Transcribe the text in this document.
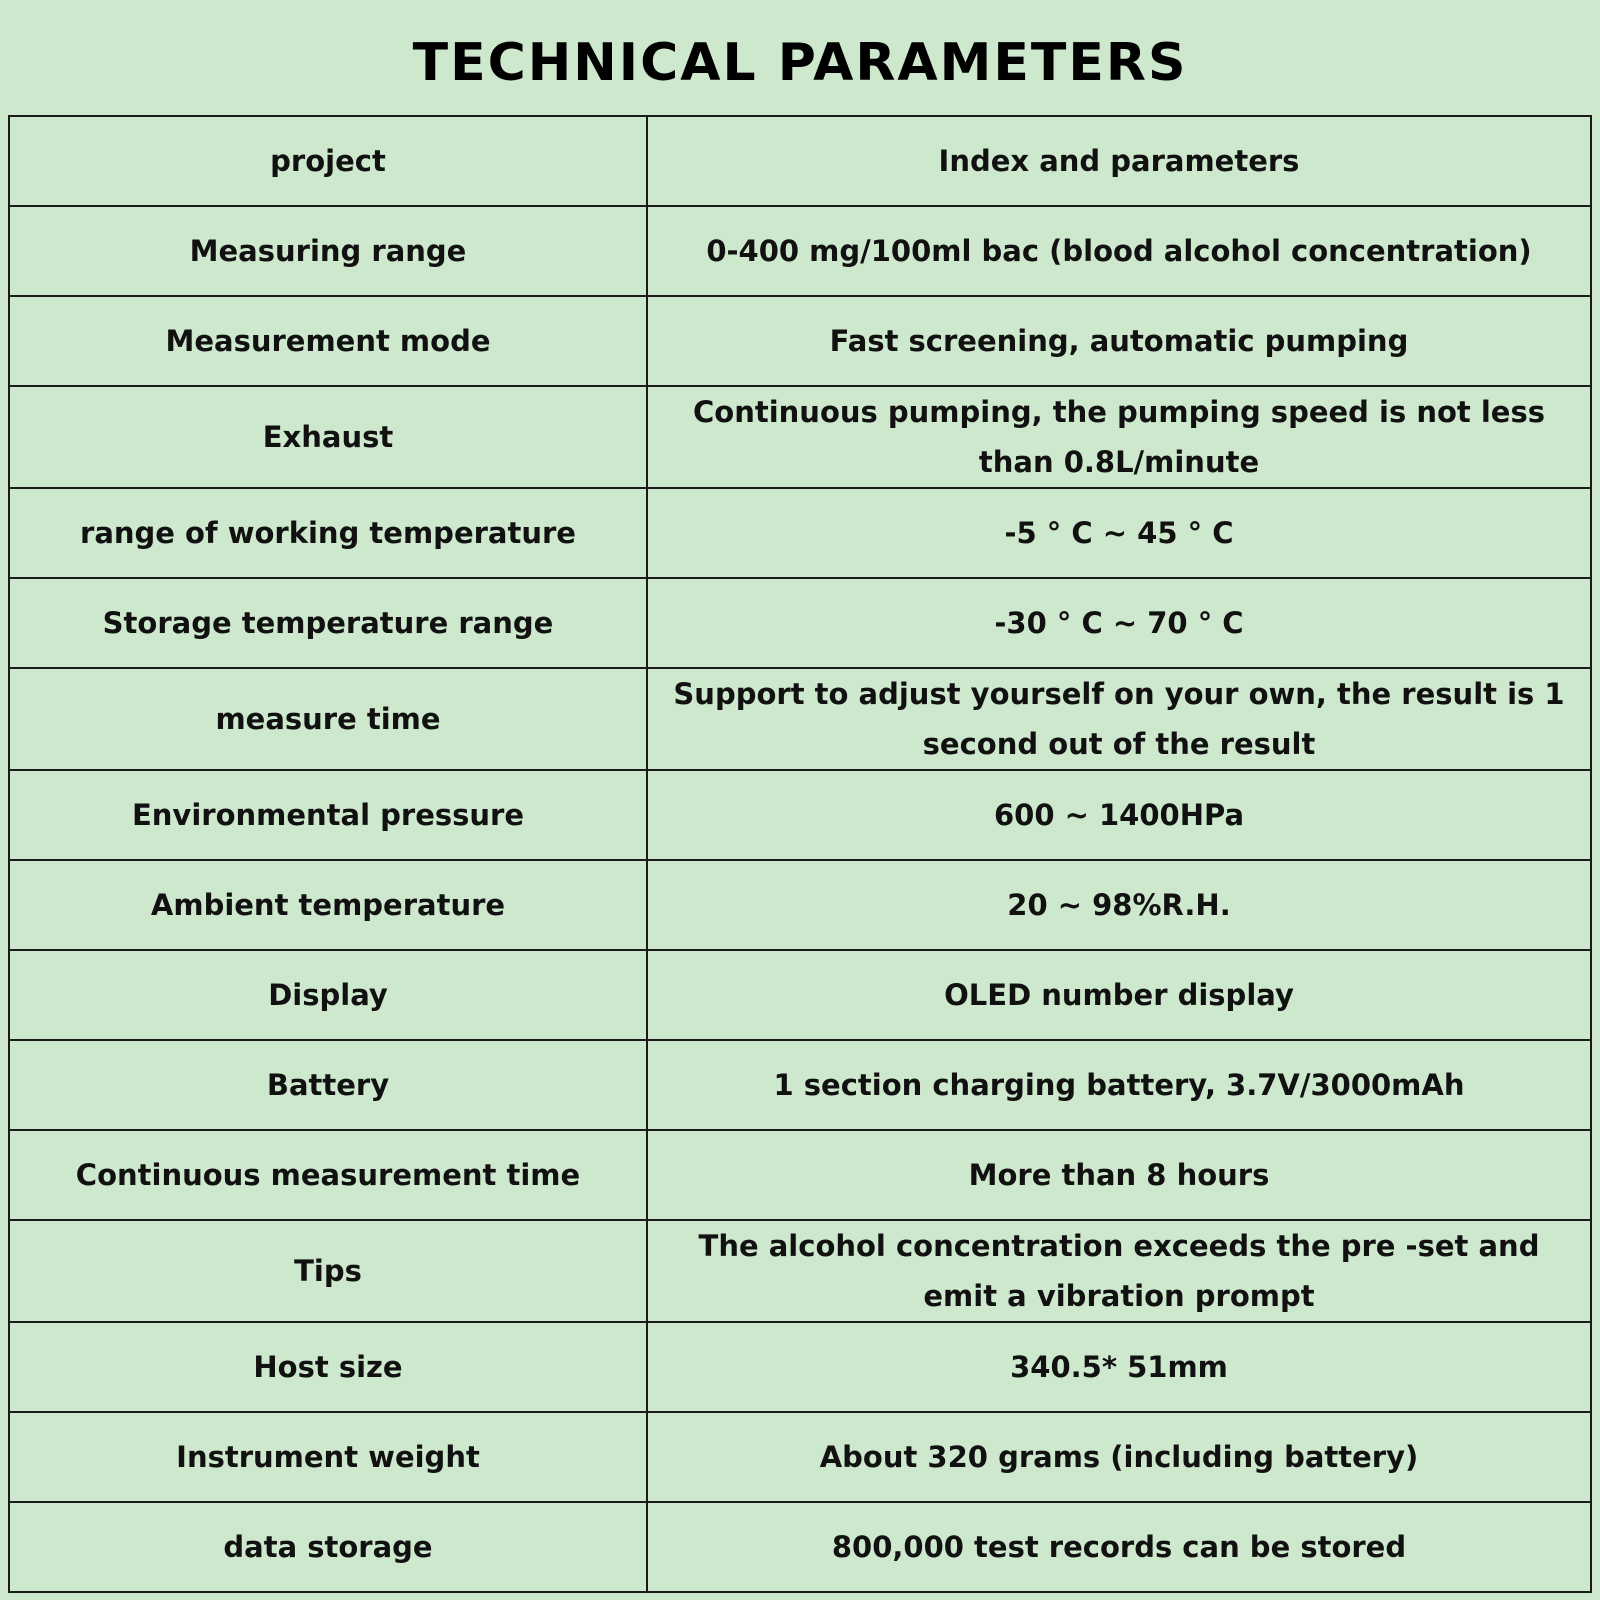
TECHNICAL PARAMETERS
project	Index and parameters
Measuring range	0-400 mg/100ml bac (blood alcohol concentration)
Measurement mode	Fast screening, automatic pumping
Exhaust	Continuous pumping, the pumping speed is not less than 0.8L/minute
range of working temperature	-5 ° C ~ 45 ° C
Storage temperature range	-30 ° C ~ 70 ° C
measure time	Support to adjust yourself on your own, the result is 1 second out of the result
Environmental pressure	600 ~ 1400HPa
Ambient temperature	20 ~ 98%R.H.
Display	OLED number display
Battery	1 section charging battery, 3.7V/3000mAh
Continuous measurement time	More than 8 hours
Tips	The alcohol concentration exceeds the pre -set and emit a vibration prompt
Host size	340.5* 51mm
Instrument weight	About 320 grams (including battery)
data storage	800,000 test records can be stored
